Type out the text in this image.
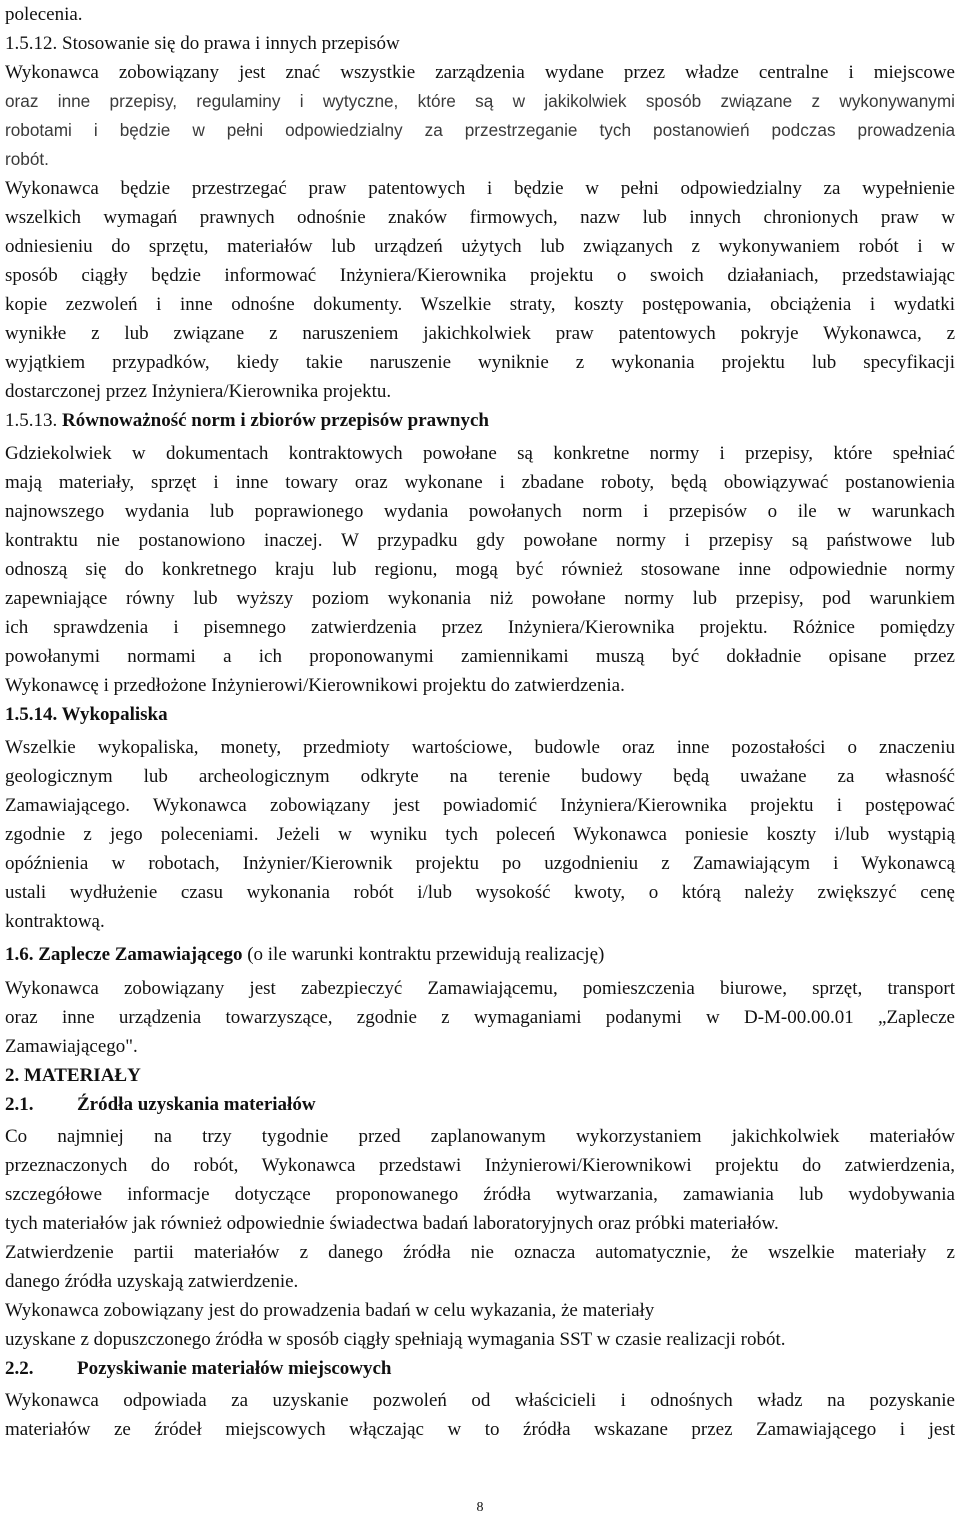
polecenia.
1.5.12. Stosowanie się do prawa i innych przepisów
Wykonawca zobowiązany jest znać wszystkie zarządzenia wydane przez władze centralne i miejscowe
oraz inne przepisy, regulaminy i wytyczne, które są w jakikolwiek sposób związane z wykonywanymi
robotami i będzie w pełni odpowiedzialny za przestrzeganie tych postanowień podczas prowadzenia
robót.
Wykonawca będzie przestrzegać praw patentowych i będzie w pełni odpowiedzialny za wypełnienie
wszelkich wymagań prawnych odnośnie znaków firmowych, nazw lub innych chronionych praw w
odniesieniu do sprzętu, materiałów lub urządzeń użytych lub związanych z wykonywaniem robót i w
sposób ciągły będzie informować Inżyniera/Kierownika projektu o swoich działaniach, przedstawiając
kopie zezwoleń i inne odnośne dokumenty. Wszelkie straty, koszty postępowania, obciążenia i wydatki
wynikłe z lub związane z naruszeniem jakichkolwiek praw patentowych pokryje Wykonawca, z
wyjątkiem przypadków, kiedy takie naruszenie wyniknie z wykonania projektu lub specyfikacji
dostarczonej przez Inżyniera/Kierownika projektu.
1.5.13. Równoważność norm i zbiorów przepisów prawnych
Gdziekolwiek w dokumentach kontraktowych powołane są konkretne normy i przepisy, które spełniać
mają materiały, sprzęt i inne towary oraz wykonane i zbadane roboty, będą obowiązywać postanowienia
najnowszego wydania lub poprawionego wydania powołanych norm i przepisów o ile w warunkach
kontraktu nie postanowiono inaczej. W przypadku gdy powołane normy i przepisy są państwowe lub
odnoszą się do konkretnego kraju lub regionu, mogą być również stosowane inne odpowiednie normy
zapewniające równy lub wyższy poziom wykonania niż powołane normy lub przepisy, pod warunkiem
ich sprawdzenia i pisemnego zatwierdzenia przez Inżyniera/Kierownika projektu. Różnice pomiędzy
powołanymi normami a ich proponowanymi zamiennikami muszą być dokładnie opisane przez
Wykonawcę i przedłożone Inżynierowi/Kierownikowi projektu do zatwierdzenia.
1.5.14. Wykopaliska
Wszelkie wykopaliska, monety, przedmioty wartościowe, budowle oraz inne pozostałości o znaczeniu
geologicznym lub archeologicznym odkryte na terenie budowy będą uważane za własność
Zamawiającego. Wykonawca zobowiązany jest powiadomić Inżyniera/Kierownika projektu i postępować
zgodnie z jego poleceniami. Jeżeli w wyniku tych poleceń Wykonawca poniesie koszty i/lub wystąpią
opóźnienia w robotach, Inżynier/Kierownik projektu po uzgodnieniu z Zamawiającym i Wykonawcą
ustali wydłużenie czasu wykonania robót i/lub wysokość kwoty, o którą należy zwiększyć cenę
kontraktową.
1.6. Zaplecze Zamawiającego (o ile warunki kontraktu przewidują realizację)
Wykonawca zobowiązany jest zabezpieczyć Zamawiającemu, pomieszczenia biurowe, sprzęt, transport
oraz inne urządzenia towarzyszące, zgodnie z wymaganiami podanymi w D-M-00.00.01 „Zaplecze
Zamawiającego".
2. MATERIAŁY
2.1. Źródła uzyskania materiałów
Co najmniej na trzy tygodnie przed zaplanowanym wykorzystaniem jakichkolwiek materiałów
przeznaczonych do robót, Wykonawca przedstawi Inżynierowi/Kierownikowi projektu do zatwierdzenia,
szczegółowe informacje dotyczące proponowanego źródła wytwarzania, zamawiania lub wydobywania
tych materiałów jak również odpowiednie świadectwa badań laboratoryjnych oraz próbki materiałów.
Zatwierdzenie partii materiałów z danego źródła nie oznacza automatycznie, że wszelkie materiały z
danego źródła uzyskają zatwierdzenie.
Wykonawca zobowiązany jest do prowadzenia badań w celu wykazania, że materiały
uzyskane z dopuszczonego źródła w sposób ciągły spełniają wymagania SST w czasie realizacji robót.
2.2. Pozyskiwanie materiałów miejscowych
Wykonawca odpowiada za uzyskanie pozwoleń od właścicieli i odnośnych władz na pozyskanie
materiałów ze źródeł miejscowych włączając w to źródła wskazane przez Zamawiającego i jest
8
